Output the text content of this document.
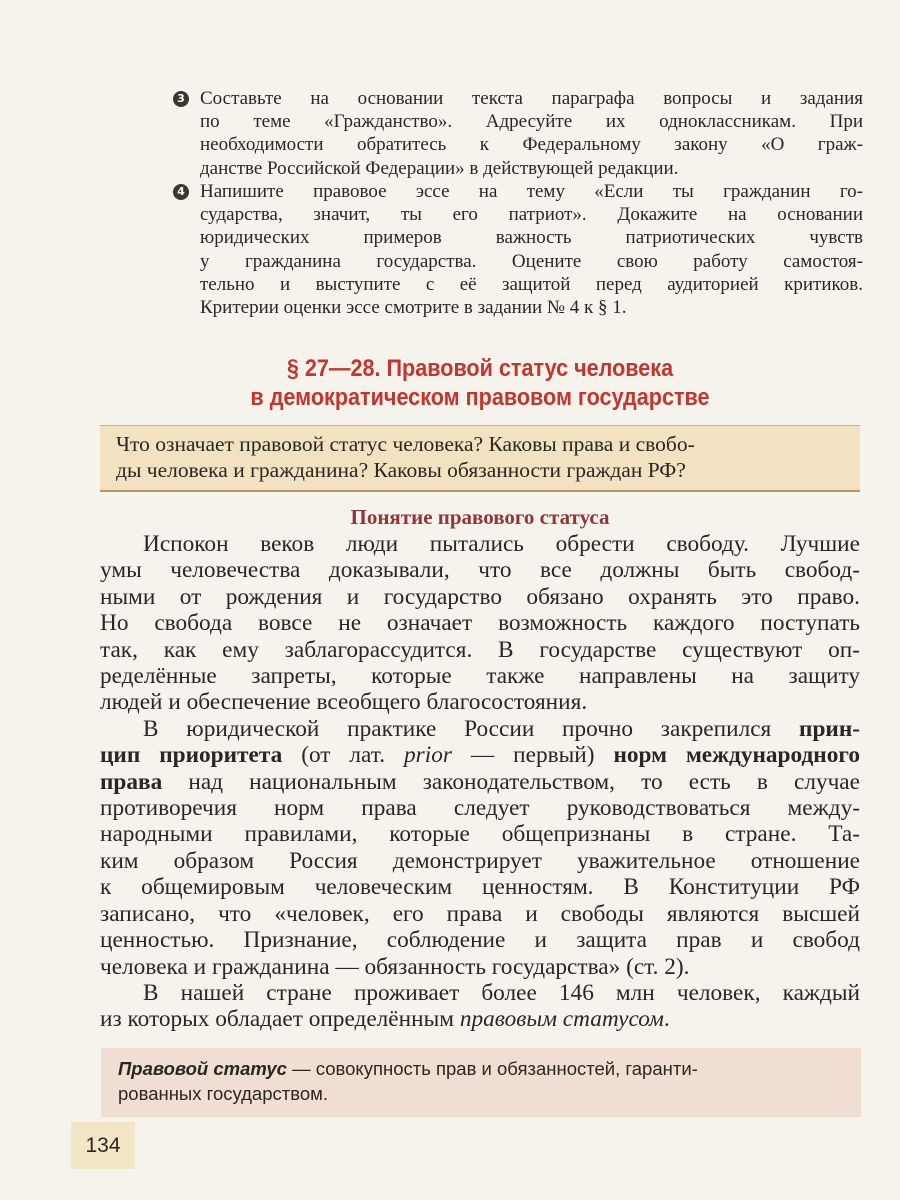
3 Составьте на основании текста параграфа вопросы и задания
по теме «Гражданство». Адресуйте их одноклассникам. При
необходимости обратитесь к Федеральному закону «О граж-
данстве Российской Федерации» в действующей редакции.
4 Напишите правовое эссе на тему «Если ты гражданин го-
сударства, значит, ты его патриот». Докажите на основании
юридических примеров важность патриотических чувств
у гражданина государства. Оцените свою работу самостоя-
тельно и выступите с её защитой перед аудиторией критиков.
Критерии оценки эссе смотрите в задании № 4 к § 1.
§ 27—28. Правовой статус человека
в демократическом правовом государстве
Что означает правовой статус человека? Каковы права и свобо-
ды человека и гражданина? Каковы обязанности граждан РФ?
Понятие правового статуса
Испокон веков люди пытались обрести свободу. Лучшие
умы человечества доказывали, что все должны быть свобод-
ными от рождения и государство обязано охранять это право.
Но свобода вовсе не означает возможность каждого поступать
так, как ему заблагорассудится. В государстве существуют оп-
ределённые запреты, которые также направлены на защиту
людей и обеспечение всеобщего благосостояния.
В юридической практике России прочно закрепился прин-
цип приоритета (от лат. prior — первый) норм международного
права над национальным законодательством, то есть в случае
противоречия норм права следует руководствоваться между-
народными правилами, которые общепризнаны в стране. Та-
ким образом Россия демонстрирует уважительное отношение
к общемировым человеческим ценностям. В Конституции РФ
записано, что «человек, его права и свободы являются высшей
ценностью. Признание, соблюдение и защита прав и свобод
человека и гражданина — обязанность государства» (ст. 2).
В нашей стране проживает более 146 млн человек, каждый
из которых обладает определённым правовым статусом.
Правовой статус — совокупность прав и обязанностей, гаранти-
рованных государством.
134
